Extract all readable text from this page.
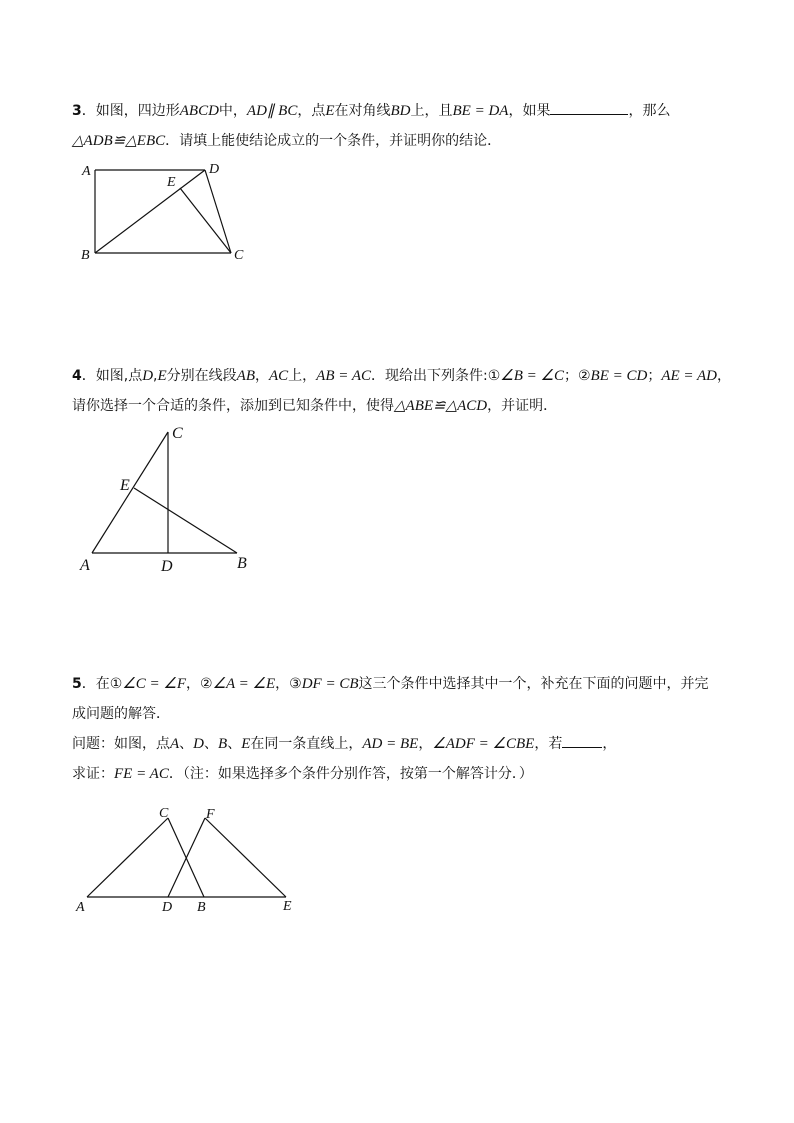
3．如图，四边形ABCD中，AD∥ BC，点E在对角线BD上，且BE = DA，如果	，那么
△ADB≌△EBC．请填上能使结论成立的一个条件，并证明你的结论．
A	D
E
B	C
4．如图,点D,E分别在线段AB，AC上，AB = AC．现给出下列条件:①∠B = ∠C；②BE = CD；AE = AD，
请你选择一个合适的条件，添加到已知条件中，使得△ABE≌△ACD，并证明．
C
E
A	D	B
5．在①∠C = ∠F，②∠A = ∠E，③DF = CB这三个条件中选择其中一个，补充在下面的问题中，并完
成问题的解答．
问题：如图，点A、D、B、E在同一条直线上，AD = BE，∠ADF = ∠CBE，若	，
求证：FE = AC．（注：如果选择多个条件分别作答，按第一个解答计分．）
C	F
A	D B	E
